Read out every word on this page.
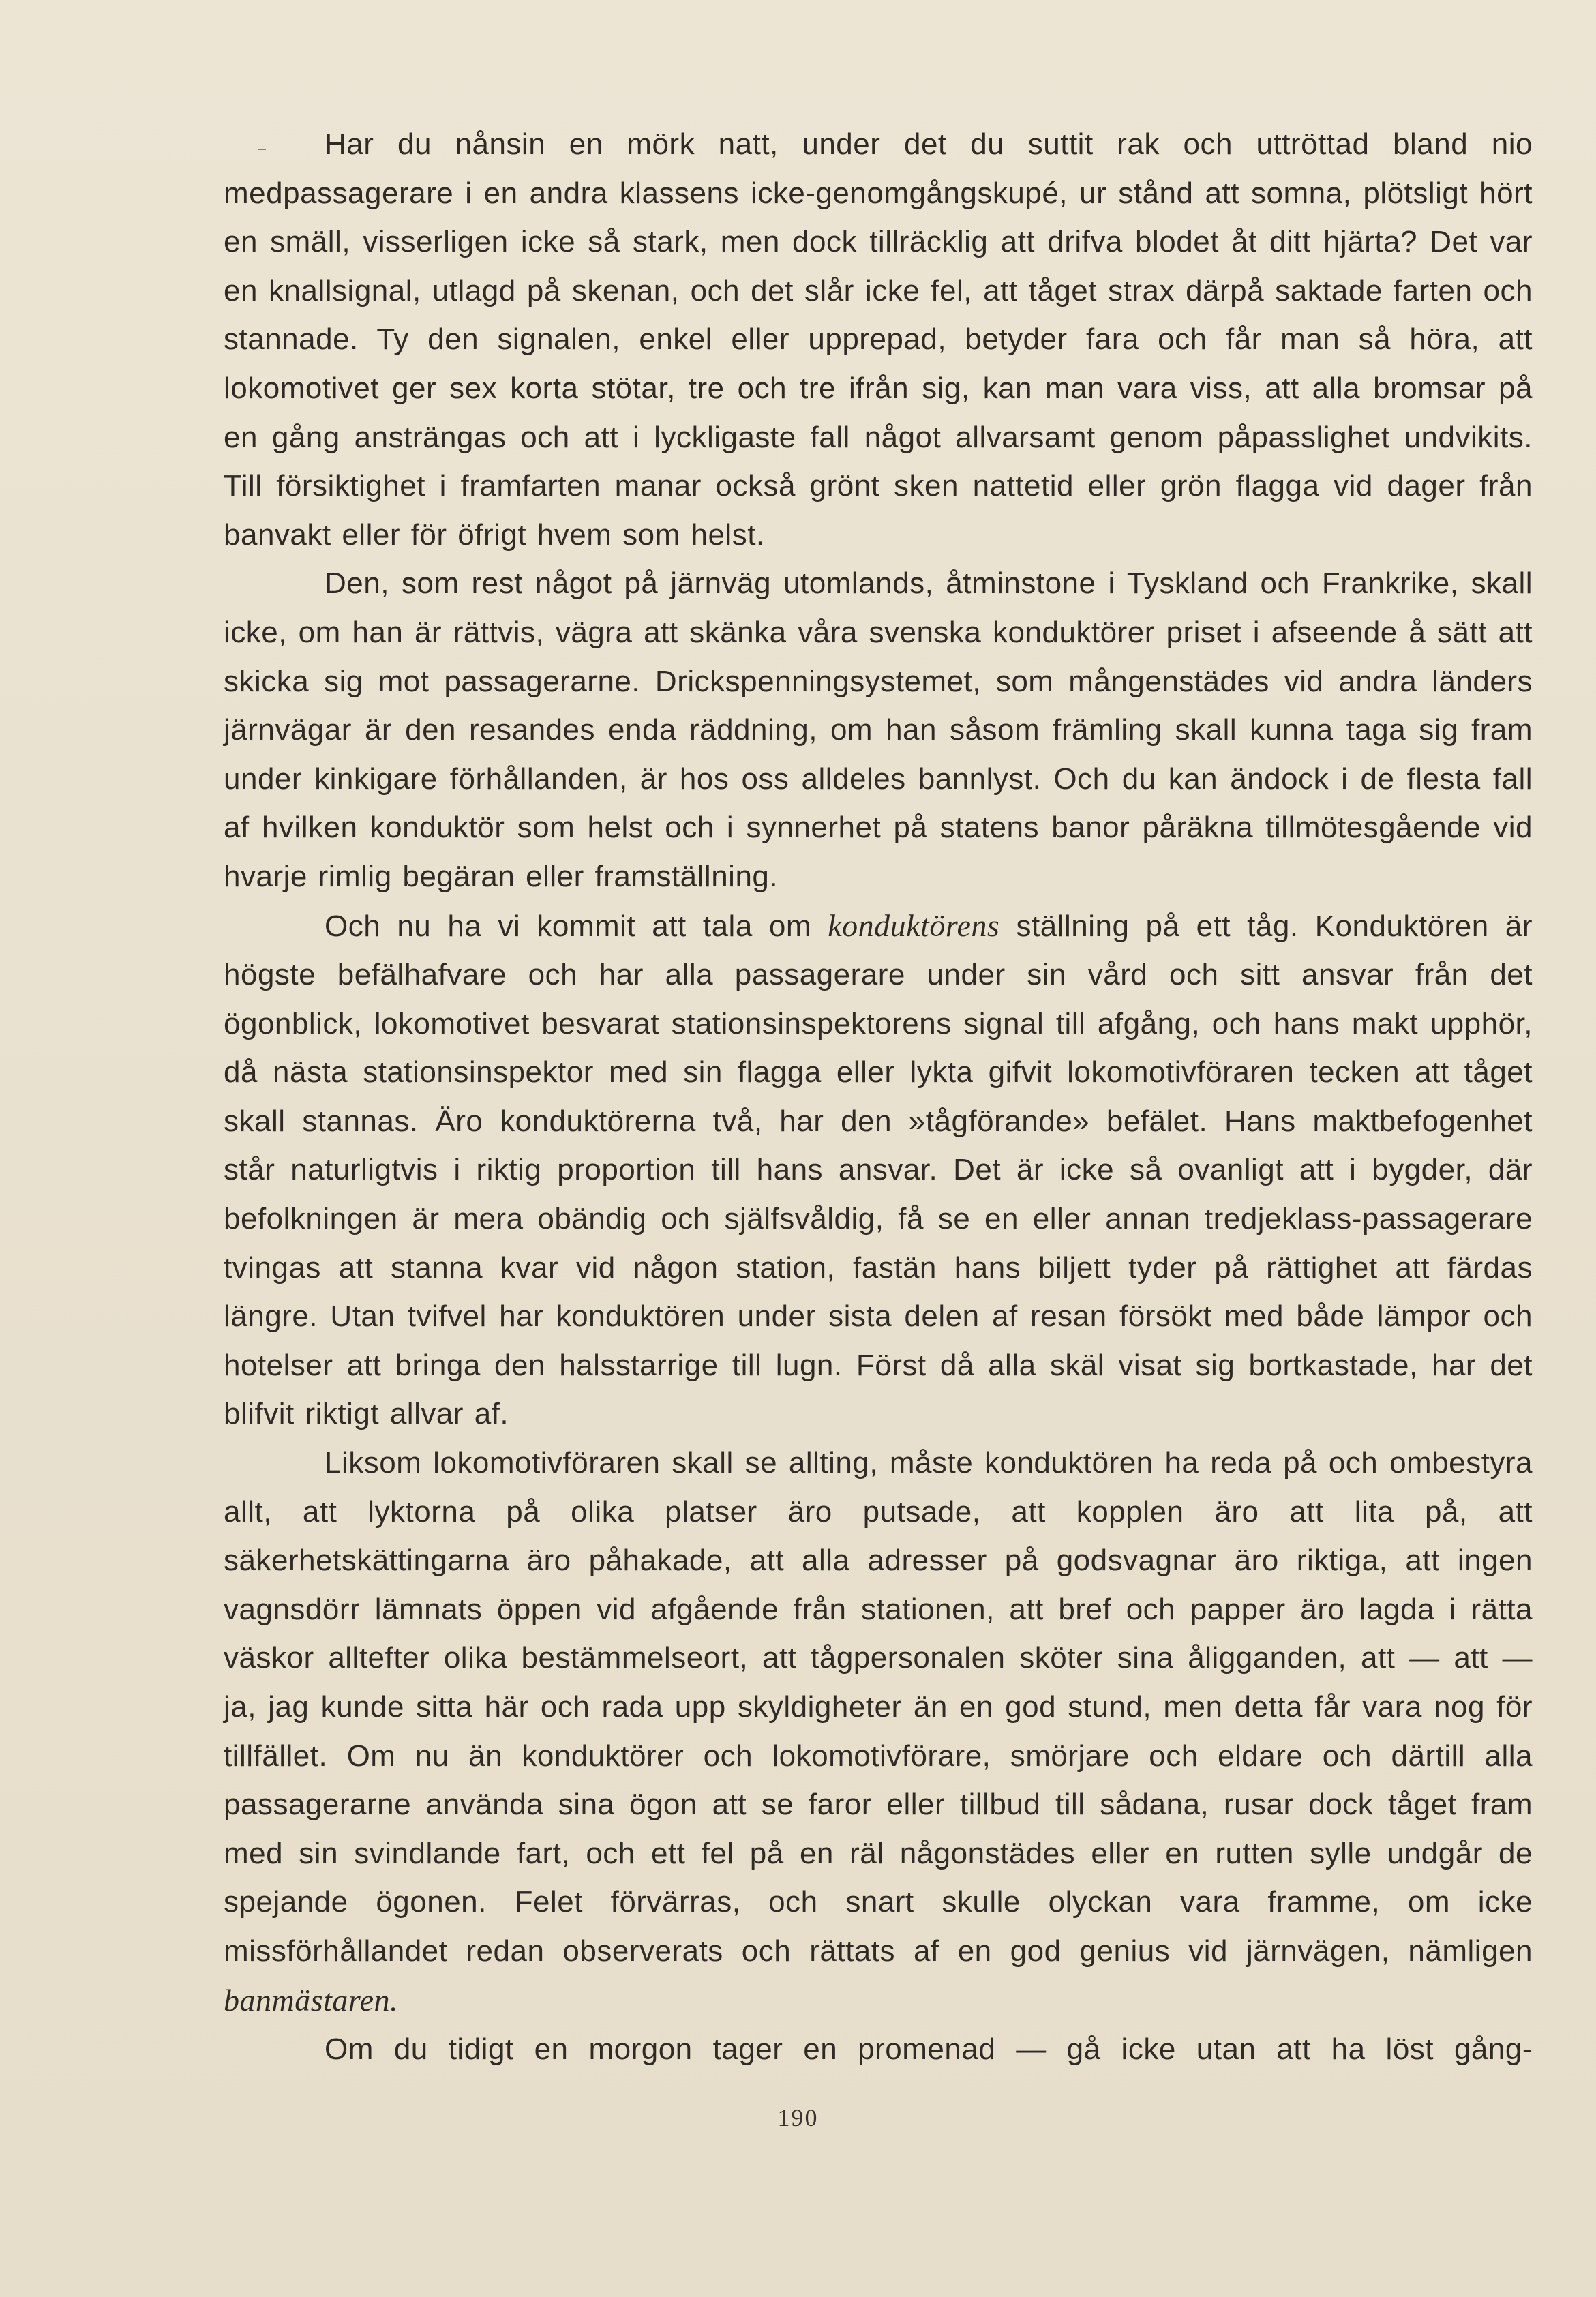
Har du nånsin en mörk natt, under det du suttit rak och uttröttad bland nio medpassagerare i en andra klassens icke-genomgångskupé, ur stånd att somna, plötsligt hört en smäll, visserligen icke så stark, men dock tillräcklig att drifva blodet åt ditt hjärta? Det var en knallsignal, utlagd på skenan, och det slår icke fel, att tåget strax därpå saktade farten och stannade. Ty den signalen, enkel eller upprepad, betyder fara och får man så höra, att lokomotivet ger sex korta stötar, tre och tre ifrån sig, kan man vara viss, att alla bromsar på en gång ansträngas och att i lyckligaste fall något allvarsamt genom påpasslighet undvikits. Till försiktighet i framfarten manar också grönt sken nattetid eller grön flagga vid dager från banvakt eller för öfrigt hvem som helst.

Den, som rest något på järnväg utomlands, åtminstone i Tyskland och Frankrike, skall icke, om han är rättvis, vägra att skänka våra svenska konduktörer priset i afseende å sätt att skicka sig mot passagerarne. Drickspenningsystemet, som mångenstädes vid andra länders järnvägar är den resandes enda räddning, om han såsom främling skall kunna taga sig fram under kinkigare förhållanden, är hos oss alldeles bannlyst. Och du kan ändock i de flesta fall af hvilken konduktör som helst och i synnerhet på statens banor påräkna tillmötesgående vid hvarje rimlig begäran eller framställning.

Och nu ha vi kommit att tala om konduktörens ställning på ett tåg. Konduktören är högste befälhafvare och har alla passagerare under sin vård och sitt ansvar från det ögonblick, lokomotivet besvarat stationsinspektorens signal till afgång, och hans makt upphör, då nästa stationsinspektor med sin flagga eller lykta gifvit lokomotivföraren tecken att tåget skall stannas. Äro konduktörerna två, har den »tågförande» befälet. Hans maktbefogenhet står naturligtvis i riktig proportion till hans ansvar. Det är icke så ovanligt att i bygder, där befolkningen är mera obändig och själfsvåldig, få se en eller annan tredjeklass-passagerare tvingas att stanna kvar vid någon station, fastän hans biljett tyder på rättighet att färdas längre. Utan tvifvel har konduktören under sista delen af resan försökt med både lämpor och hotelser att bringa den halsstarrige till lugn. Först då alla skäl visat sig bortkastade, har det blifvit riktigt allvar af.

Liksom lokomotivföraren skall se allting, måste konduktören ha reda på och ombestyra allt, att lyktorna på olika platser äro putsade, att kopplen äro att lita på, att säkerhetskättingarna äro påhakade, att alla adresser på godsvagnar äro riktiga, att ingen vagnsdörr lämnats öppen vid afgående från stationen, att bref och papper äro lagda i rätta väskor alltefter olika bestämmelseort, att tågpersonalen sköter sina åligganden, att — att — ja, jag kunde sitta här och rada upp skyldigheter än en god stund, men detta får vara nog för tillfället. Om nu än konduktörer och lokomotivförare, smörjare och eldare och därtill alla passagerarne använda sina ögon att se faror eller tillbud till sådana, rusar dock tåget fram med sin svindlande fart, och ett fel på en räl någonstädes eller en rutten sylle undgår de spejande ögonen. Felet förvärras, och snart skulle olyckan vara framme, om icke missförhållandet redan observerats och rättats af en god genius vid järnvägen, nämligen banmästaren.

Om du tidigt en morgon tager en promenad — gå icke utan att ha löst gång-

190
